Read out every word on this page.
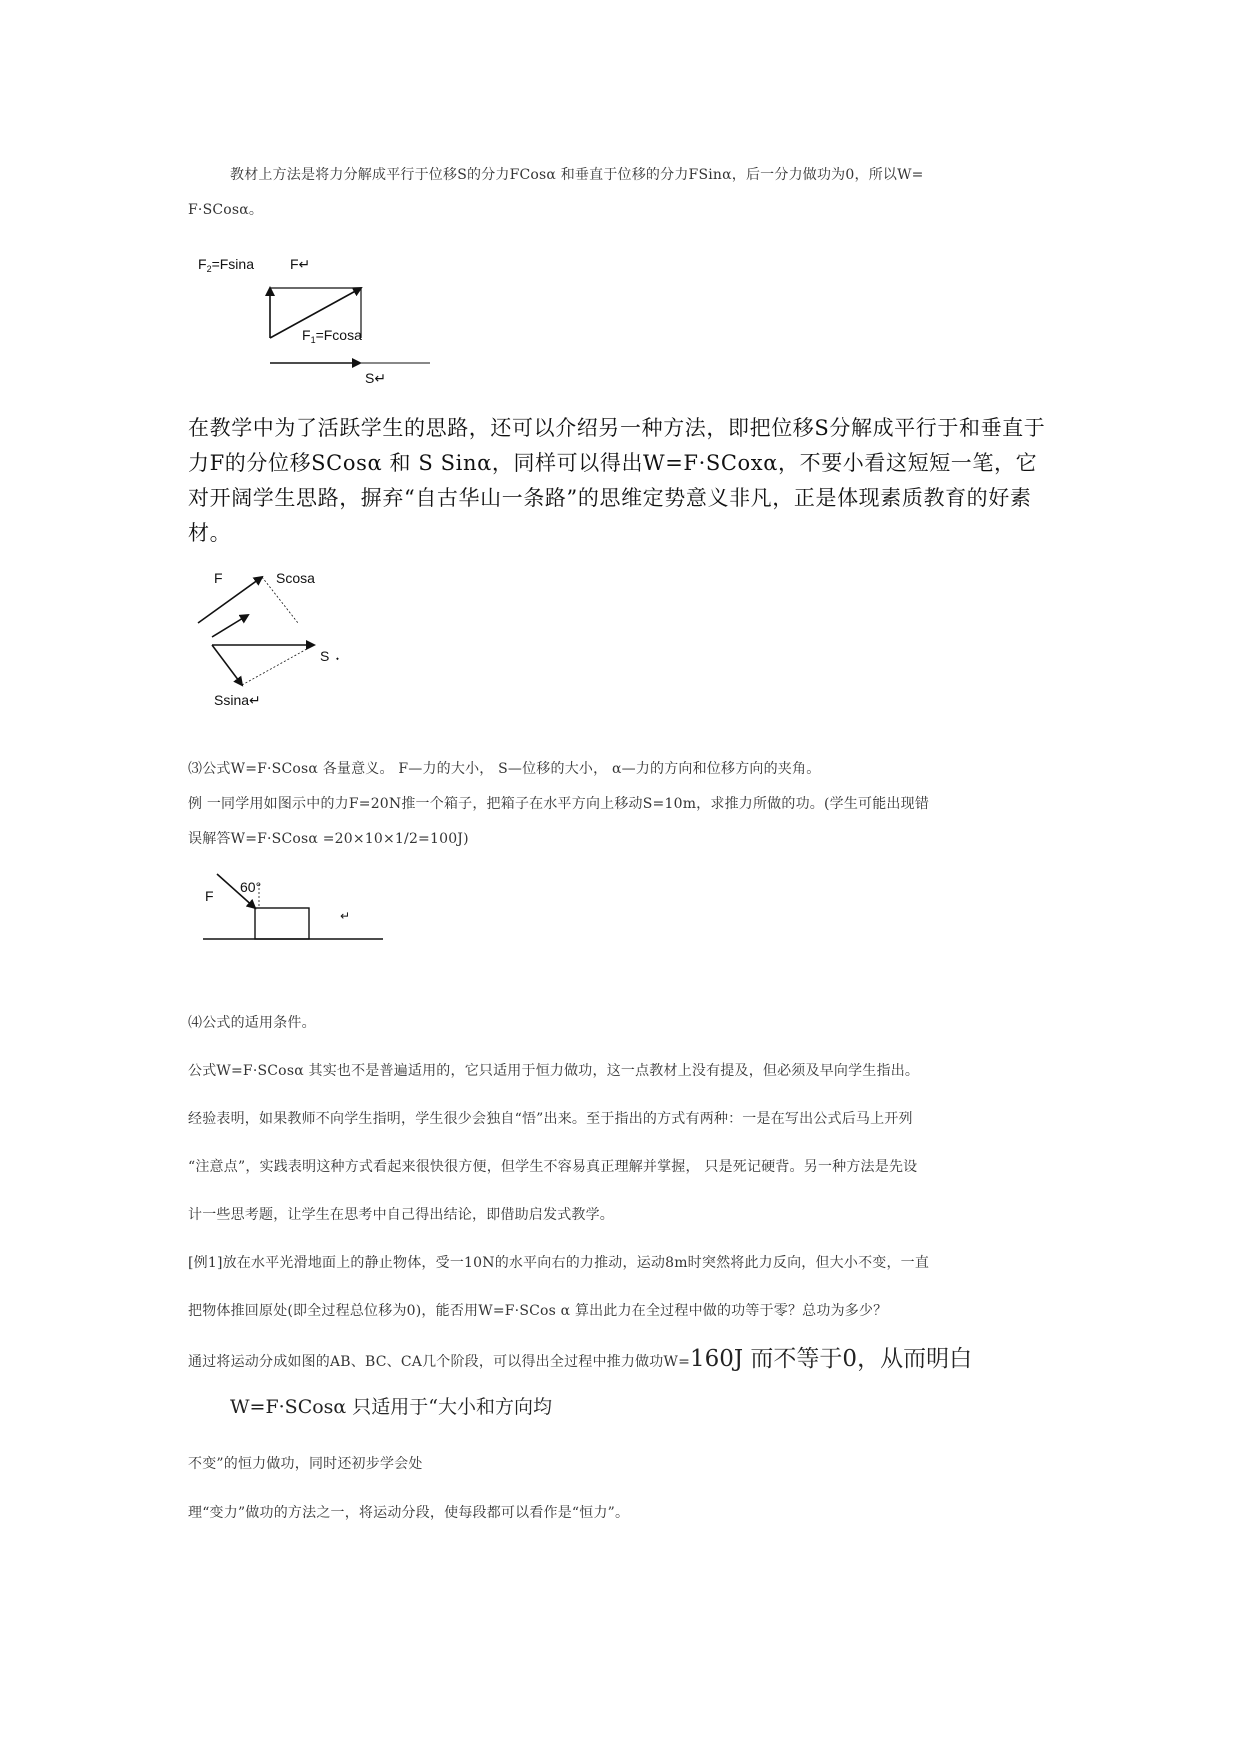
教材上方法是将力分解成平行于位移S的分力FCosα 和垂直于位移的分力FSinα，后一分力做功为0，所以W=
F·SCosα。
$F_2=Fsina$	F↵
$F_1=Fcosa$
S↵
在教学中为了活跃学生的思路，还可以介绍另一种方法，即把位移S分解成平行于和垂直于
力F的分位移SCosα 和 S Sinα，同样可以得出W=F·SCoxα，不要小看这短短一笔，它
对开阔学生思路，摒弃“自古华山一条路”的思维定势意义非凡，正是体现素质教育的好素
材。
F	Scosa
S ⬩
Ssina↵
⑶公式W=F·SCosα 各量意义。 F—力的大小， S—位移的大小， α—力的方向和位移方向的夹角。
例 一同学用如图示中的力F=20N推一个箱子，把箱子在水平方向上移动S=10m，求推力所做的功。(学生可能出现错
误解答W=F·SCosα =20×10×1/2=100J)
F
60°
↵
⑷公式的适用条件。
公式W=F·SCosα 其实也不是普遍适用的，它只适用于恒力做功，这一点教材上没有提及，但必须及早向学生指出。
经验表明，如果教师不向学生指明，学生很少会独自“悟”出来。至于指出的方式有两种：一是在写出公式后马上开列
“注意点”，实践表明这种方式看起来很快很方便，但学生不容易真正理解并掌握， 只是死记硬背。另一种方法是先设
计一些思考题，让学生在思考中自己得出结论，即借助启发式教学。
[例1]放在水平光滑地面上的静止物体，受一10N的水平向右的力推动，运动8m时突然将此力反向，但大小不变，一直
把物体推回原处(即全过程总位移为0)，能否用W=F·SCos α 算出此力在全过程中做的功等于零？总功为多少？
通过将运动分成如图的AB、BC、CA几个阶段，可以得出全过程中推力做功W=160J 而不等于0，从而明白
W=F·SCosα 只适用于“大小和方向均
不变”的恒力做功，同时还初步学会处
理“变力”做功的方法之一，将运动分段，使每段都可以看作是“恒力”。
